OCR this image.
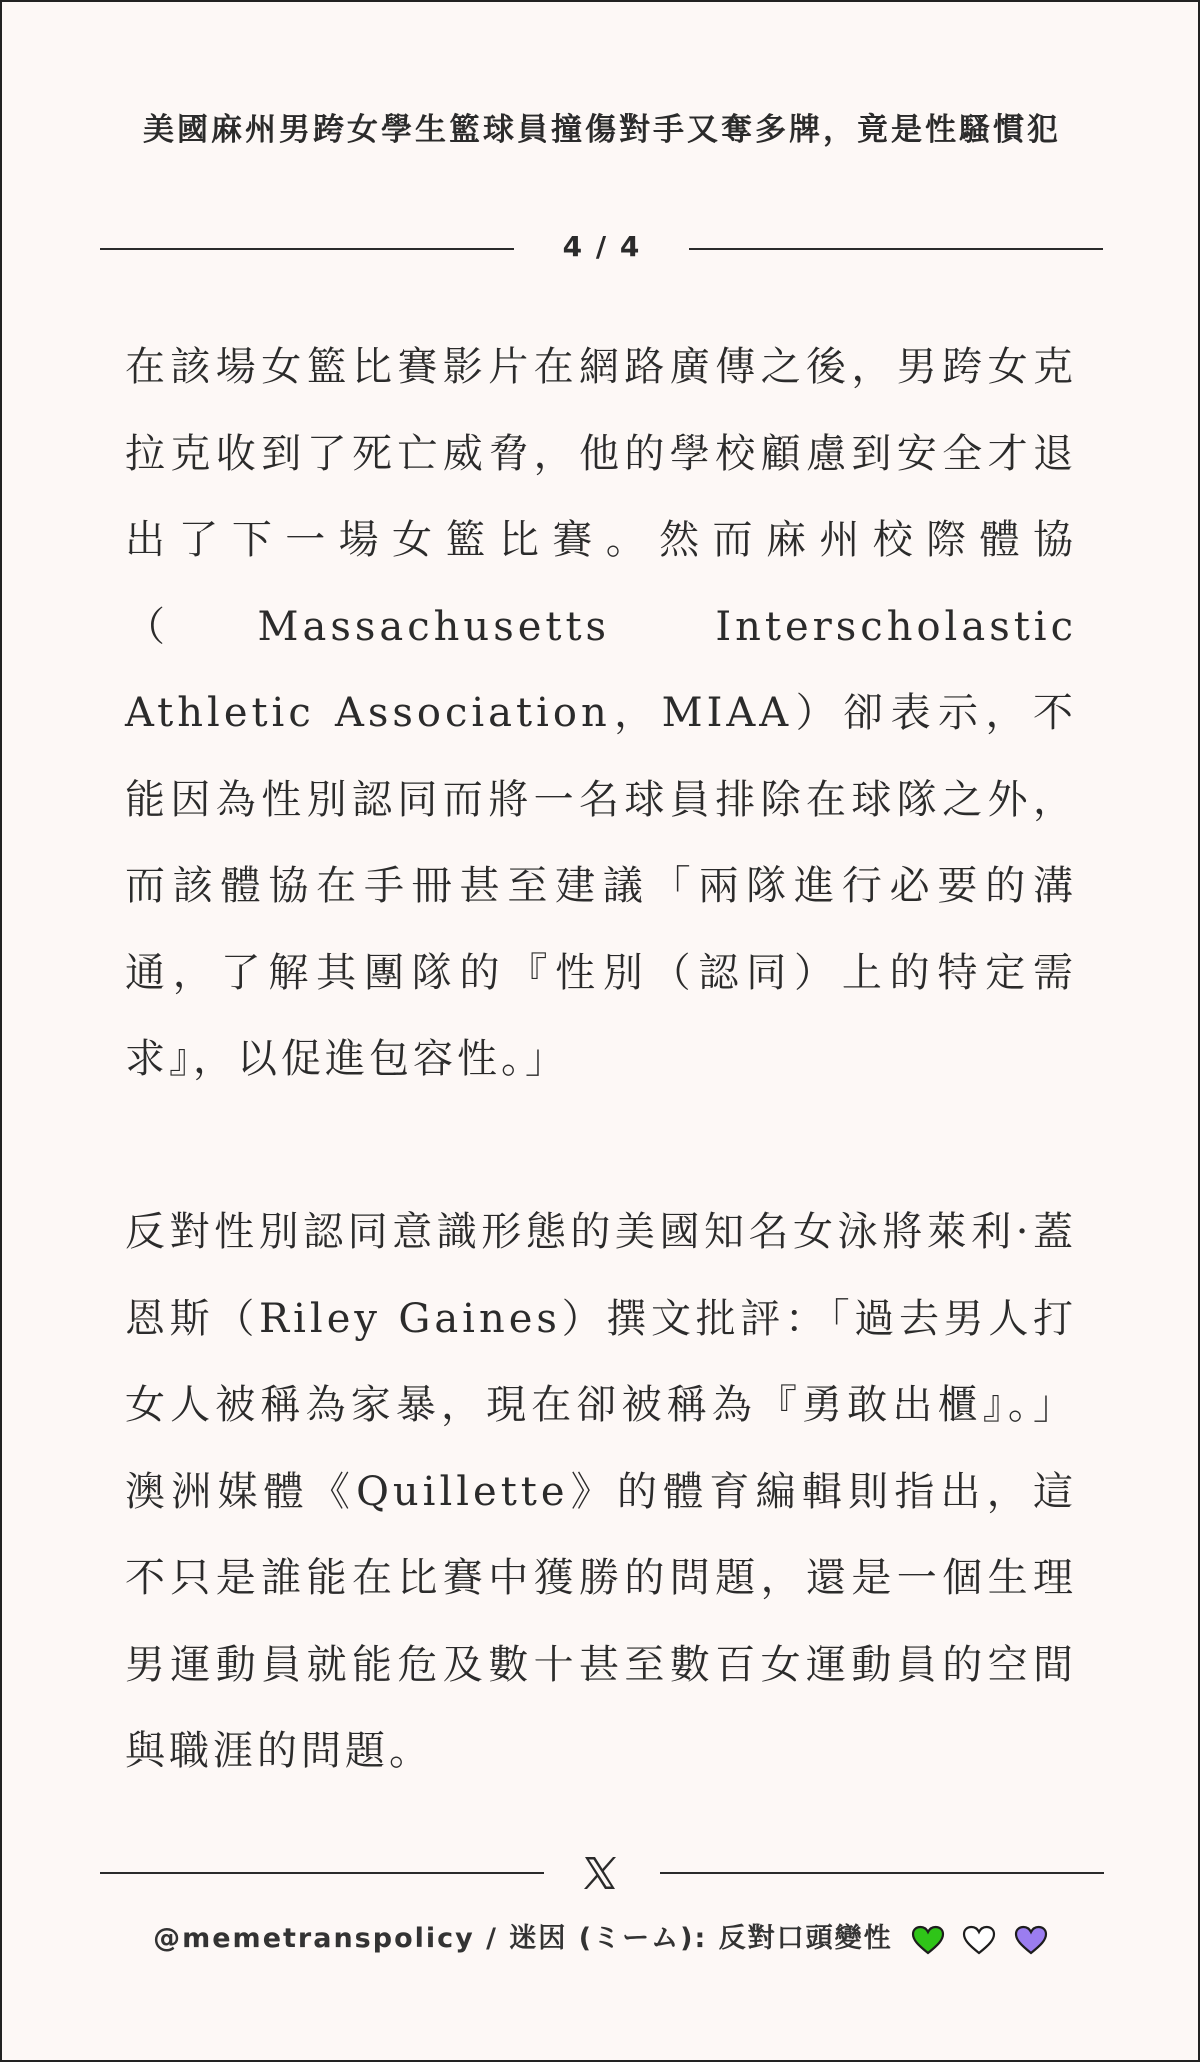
美國麻州男跨女學生籃球員撞傷對手又奪多牌，竟是性騷慣犯
4 / 4

在該場女籃比賽影片在網路廣傳之後，男跨女克拉克收到了死亡威脅，他的學校顧慮到安全才退出了下一場女籃比賽。然而麻州校際體協（Massachusetts Interscholastic Athletic Association，MIAA）卻表示，不能因為性別認同而將一名球員排除在球隊之外，而該體協在手冊甚至建議「兩隊進行必要的溝通，了解其團隊的『性別（認同）上的特定需求』，以促進包容性。」

反對性別認同意識形態的美國知名女泳將萊利·蓋恩斯（Riley Gaines）撰文批評：「過去男人打女人被稱為家暴，現在卻被稱為『勇敢出櫃』。」澳洲媒體《Quillette》的體育編輯則指出，這不只是誰能在比賽中獲勝的問題，還是一個生理男運動員就能危及數十甚至數百女運動員的空間與職涯的問題。

@memetranspolicy / 迷因 (ミーム): 反對口頭變性
